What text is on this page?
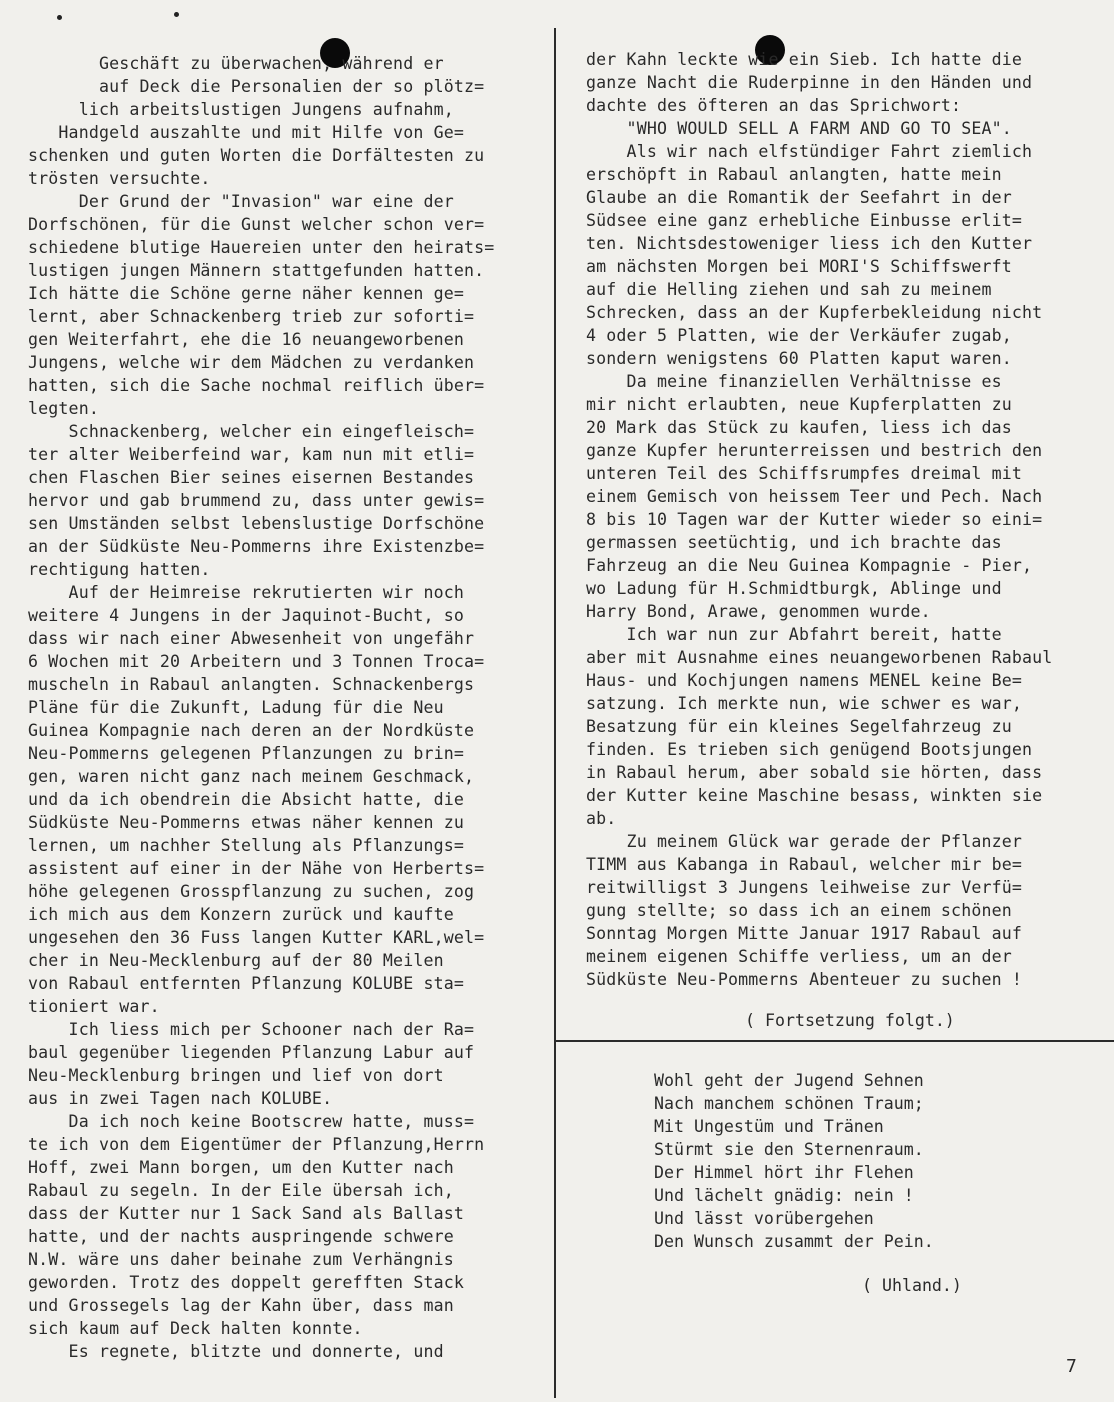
Geschäft zu überwachen, während er
auf Deck die Personalien der so plötz=
lich arbeitslustigen Jungens aufnahm,
Handgeld auszahlte und mit Hilfe von Ge=
schenken und guten Worten die Dorfältesten zu
trösten versuchte.
Der Grund der "Invasion" war eine der
Dorfschönen, für die Gunst welcher schon ver=
schiedene blutige Hauereien unter den heirats=
lustigen jungen Männern stattgefunden hatten.
Ich hätte die Schöne gerne näher kennen ge=
lernt, aber Schnackenberg trieb zur soforti=
gen Weiterfahrt, ehe die 16 neuangeworbenen
Jungens, welche wir dem Mädchen zu verdanken
hatten, sich die Sache nochmal reiflich über=
legten.
Schnackenberg, welcher ein eingefleisch=
ter alter Weiberfeind war, kam nun mit etli=
chen Flaschen Bier seines eisernen Bestandes
hervor und gab brummend zu, dass unter gewis=
sen Umständen selbst lebenslustige Dorfschöne
an der Südküste Neu-Pommerns ihre Existenzbe=
rechtigung hatten.
Auf der Heimreise rekrutierten wir noch
weitere 4 Jungens in der Jaquinot-Bucht, so
dass wir nach einer Abwesenheit von ungefähr
6 Wochen mit 20 Arbeitern und 3 Tonnen Troca=
muscheln in Rabaul anlangten. Schnackenbergs
Pläne für die Zukunft, Ladung für die Neu
Guinea Kompagnie nach deren an der Nordküste
Neu-Pommerns gelegenen Pflanzungen zu brin=
gen, waren nicht ganz nach meinem Geschmack,
und da ich obendrein die Absicht hatte, die
Südküste Neu-Pommerns etwas näher kennen zu
lernen, um nachher Stellung als Pflanzungs=
assistent auf einer in der Nähe von Herberts=
höhe gelegenen Grosspflanzung zu suchen, zog
ich mich aus dem Konzern zurück und kaufte
ungesehen den 36 Fuss langen Kutter KARL,wel=
cher in Neu-Mecklenburg auf der 80 Meilen
von Rabaul entfernten Pflanzung KOLUBE sta=
tioniert war.
Ich liess mich per Schooner nach der Ra=
baul gegenüber liegenden Pflanzung Labur auf
Neu-Mecklenburg bringen und lief von dort
aus in zwei Tagen nach KOLUBE.
Da ich noch keine Bootscrew hatte, muss=
te ich von dem Eigentümer der Pflanzung,Herrn
Hoff, zwei Mann borgen, um den Kutter nach
Rabaul zu segeln. In der Eile übersah ich,
dass der Kutter nur 1 Sack Sand als Ballast
hatte, und der nachts auspringende schwere
N.W. wäre uns daher beinahe zum Verhängnis
geworden. Trotz des doppelt gerefften Stack
und Grossegels lag der Kahn über, dass man
sich kaum auf Deck halten konnte.
Es regnete, blitzte und donnerte, und
der Kahn leckte wie ein Sieb. Ich hatte die
ganze Nacht die Ruderpinne in den Händen und
dachte des öfteren an das Sprichwort:
"WHO WOULD SELL A FARM AND GO TO SEA".
Als wir nach elfstündiger Fahrt ziemlich
erschöpft in Rabaul anlangten, hatte mein
Glaube an die Romantik der Seefahrt in der
Südsee eine ganz erhebliche Einbusse erlit=
ten. Nichtsdestoweniger liess ich den Kutter
am nächsten Morgen bei MORI'S Schiffswerft
auf die Helling ziehen und sah zu meinem
Schrecken, dass an der Kupferbekleidung nicht
4 oder 5 Platten, wie der Verkäufer zugab,
sondern wenigstens 60 Platten kaput waren.
Da meine finanziellen Verhältnisse es
mir nicht erlaubten, neue Kupferplatten zu
20 Mark das Stück zu kaufen, liess ich das
ganze Kupfer herunterreissen und bestrich den
unteren Teil des Schiffsrumpfes dreimal mit
einem Gemisch von heissem Teer und Pech. Nach
8 bis 10 Tagen war der Kutter wieder so eini=
germassen seetüchtig, und ich brachte das
Fahrzeug an die Neu Guinea Kompagnie - Pier,
wo Ladung für H.Schmidtburgk, Ablinge und
Harry Bond, Arawe, genommen wurde.
Ich war nun zur Abfahrt bereit, hatte
aber mit Ausnahme eines neuangeworbenen Rabaul
Haus- und Kochjungen namens MENEL keine Be=
satzung. Ich merkte nun, wie schwer es war,
Besatzung für ein kleines Segelfahrzeug zu
finden. Es trieben sich genügend Bootsjungen
in Rabaul herum, aber sobald sie hörten, dass
der Kutter keine Maschine besass, winkten sie
ab.
Zu meinem Glück war gerade der Pflanzer
TIMM aus Kabanga in Rabaul, welcher mir be=
reitwilligst 3 Jungens leihweise zur Verfü=
gung stellte; so dass ich an einem schönen
Sonntag Morgen Mitte Januar 1917 Rabaul auf
meinem eigenen Schiffe verliess, um an der
Südküste Neu-Pommerns Abenteuer zu suchen !
( Fortsetzung folgt.)
Wohl geht der Jugend Sehnen
Nach manchem schönen Traum;
Mit Ungestüm und Tränen
Stürmt sie den Sternenraum.
Der Himmel hört ihr Flehen
Und lächelt gnädig: nein !
Und lässt vorübergehen
Den Wunsch zusammt der Pein.
( Uhland.)
7
